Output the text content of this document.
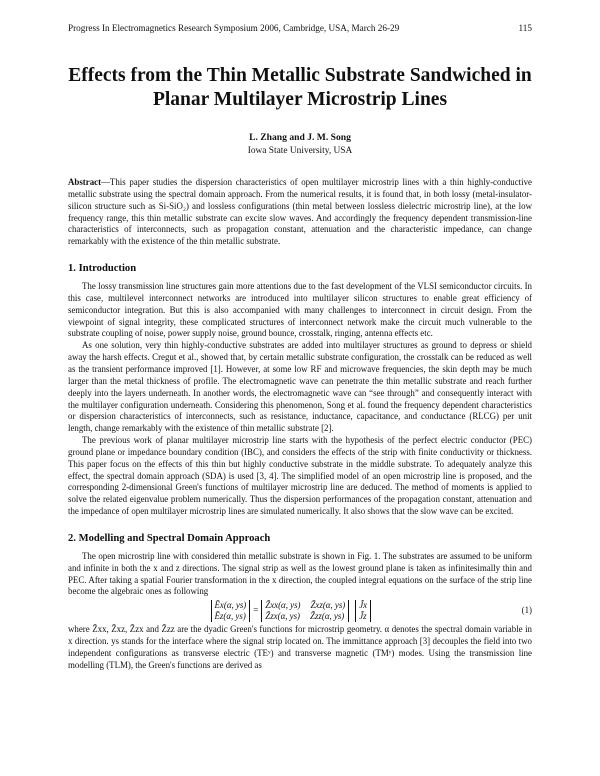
Progress In Electromagnetics Research Symposium 2006, Cambridge, USA, March 26-29	115
Effects from the Thin Metallic Substrate Sandwiched in Planar Multilayer Microstrip Lines
L. Zhang and J. M. Song
Iowa State University, USA

Abstract—This paper studies the dispersion characteristics of open multilayer microstrip lines with a thin highly-conductive metallic substrate using the spectral domain approach. From the numerical results, it is found that, in both lossy (metal-insulator-silicon structure such as Si-SiO₂) and lossless configurations (thin metal between lossless dielectric microstrip line), at the low frequency range, this thin metallic substrate can excite slow waves. And accordingly the frequency dependent transmission-line characteristics of interconnects, such as propagation constant, attenuation and the characteristic impedance, can change remarkably with the existence of the thin metallic substrate.

1. Introduction

The lossy transmission line structures gain more attentions due to the fast development of the VLSI semiconductor circuits. In this case, multilevel interconnect networks are introduced into multilayer silicon structures to enable great efficiency of semiconductor integration. But this is also accompanied with many challenges to interconnect in circuit design. From the viewpoint of signal integrity, these complicated structures of interconnect network make the circuit much vulnerable to the substrate coupling of noise, power supply noise, ground bounce, crosstalk, ringing, antenna effects etc.

As one solution, very thin highly-conductive substrates are added into multilayer structures as ground to depress or shield away the harsh effects. Cregut et al., showed that, by certain metallic substrate configuration, the crosstalk can be reduced as well as the transient performance improved [1]. However, at some low RF and microwave frequencies, the skin depth may be much larger than the metal thickness of profile. The electromagnetic wave can penetrate the thin metallic substrate and reach further deeply into the layers underneath. In another words, the electromagnetic wave can “see through” and consequently interact with the multilayer configuration underneath. Considering this phenomenon, Song et al. found the frequency dependent characteristics or dispersion characteristics of interconnects, such as resistance, inductance, capacitance, and conductance (RLCG) per unit length, change remarkably with the existence of thin metallic substrate [2].

The previous work of planar multilayer microstrip line starts with the hypothesis of the perfect electric conductor (PEC) ground plane or impedance boundary condition (IBC), and considers the effects of the strip with finite conductivity or thickness. This paper focus on the effects of this thin but highly conductive substrate in the middle substrate. To adequately analyze this effect, the spectral domain approach (SDA) is used [3, 4]. The simplified model of an open microstrip line is proposed, and the corresponding 2-dimensional Green's functions of multilayer microstrip line are deduced. The method of moments is applied to solve the related eigenvalue problem numerically. Thus the dispersion performances of the propagation constant, attenuation and the impedance of open multilayer microstrip lines are simulated numerically. It also shows that the slow wave can be excited.

2. Modelling and Spectral Domain Approach

The open microstrip line with considered thin metallic substrate is shown in Fig. 1. The substrates are assumed to be uniform and infinite in both the x and z directions. The signal strip as well as the lowest ground plane is taken as infinitesimally thin and PEC. After taking a spatial Fourier transformation in the x direction, the coupled integral equations on the surface of the strip line become the algebraic ones as following

Ẽx(α, ys)
Ẽz(α, ys)
=
Z̃xx(α, ys) Z̃xz(α, ys)
Z̃zx(α, ys) Z̃zz(α, ys)
J̃x
J̃z
(1)

where Z̃xx, Z̃xz, Z̃zx and Z̃zz are the dyadic Green's functions for microstrip geometry. α denotes the spectral domain variable in x direction. ys stands for the interface where the signal strip located on. The immittance approach [3] decouples the field into two independent configurations as transverse electric (TEʸ) and transverse magnetic (TMʸ) modes. Using the transmission line modelling (TLM), the Green's functions are derived as
